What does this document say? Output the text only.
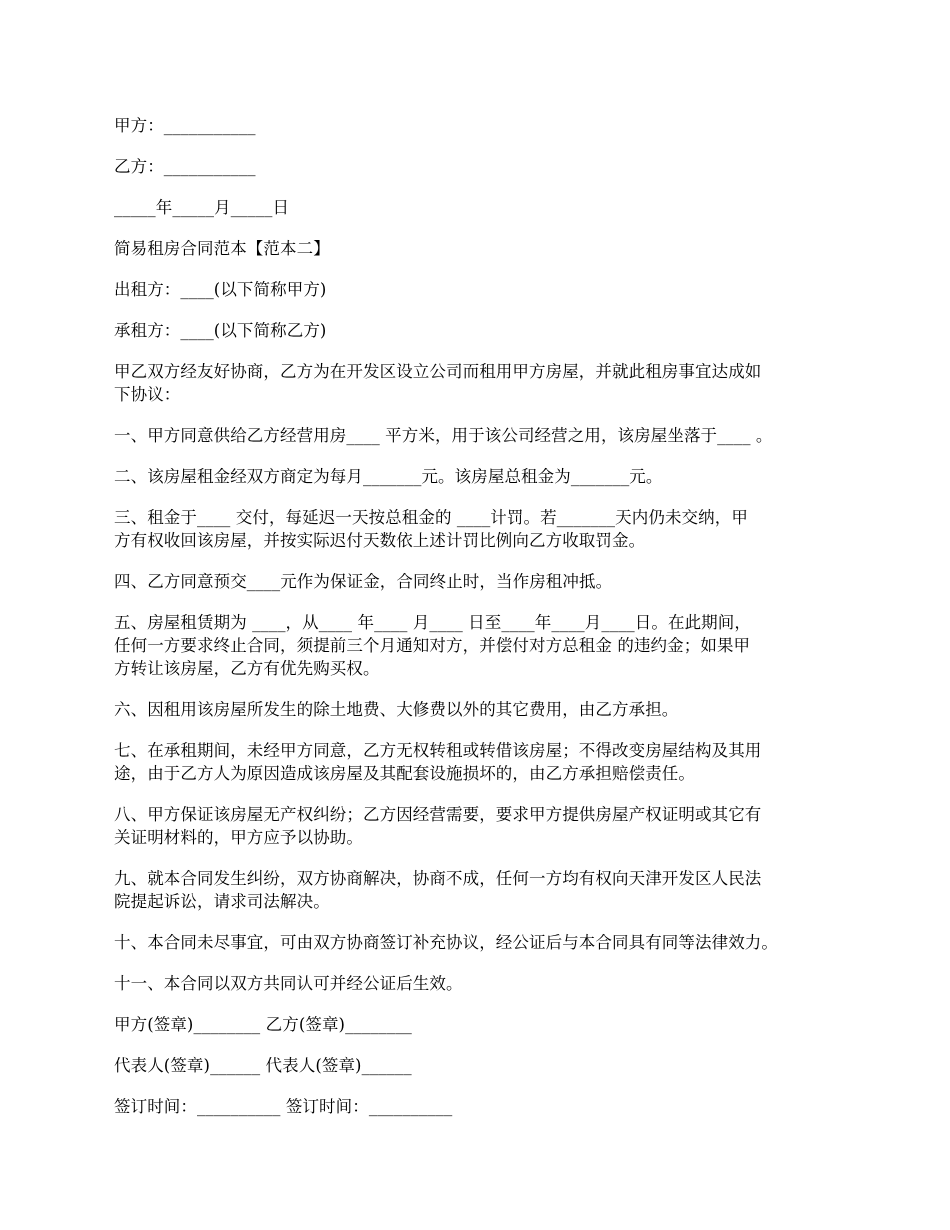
甲方：___________

乙方：___________

_____年_____月_____日

简易租房合同范本【范本二】

出租方：____(以下简称甲方)

承租方：____(以下简称乙方)

甲乙双方经友好协商，乙方为在开发区设立公司而租用甲方房屋，并就此租房事宜达成如
下协议：

一、甲方同意供给乙方经营用房____ 平方米，用于该公司经营之用，该房屋坐落于____ 。

二、该房屋租金经双方商定为每月_______元。该房屋总租金为_______元。

三、租金于____ 交付，每延迟一天按总租金的 ____计罚。若_______天内仍未交纳，甲
方有权收回该房屋，并按实际迟付天数依上述计罚比例向乙方收取罚金。

四、乙方同意预交____元作为保证金，合同终止时，当作房租冲抵。

五、房屋租赁期为 ____，从____ 年____ 月____ 日至____年____月____日。在此期间，
任何一方要求终止合同，须提前三个月通知对方，并偿付对方总租金 的违约金；如果甲
方转让该房屋，乙方有优先购买权。

六、因租用该房屋所发生的除土地费、大修费以外的其它费用，由乙方承担。

七、在承租期间，未经甲方同意，乙方无权转租或转借该房屋；不得改变房屋结构及其用
途，由于乙方人为原因造成该房屋及其配套设施损坏的，由乙方承担赔偿责任。

八、甲方保证该房屋无产权纠纷；乙方因经营需要，要求甲方提供房屋产权证明或其它有
关证明材料的，甲方应予以协助。

九、就本合同发生纠纷，双方协商解决，协商不成，任何一方均有权向天津开发区人民法
院提起诉讼，请求司法解决。

十、本合同未尽事宜，可由双方协商签订补充协议，经公证后与本合同具有同等法律效力。

十一、本合同以双方共同认可并经公证后生效。

甲方(签章)________ 乙方(签章)________

代表人(签章)______ 代表人(签章)______

签订时间：__________ 签订时间：__________
